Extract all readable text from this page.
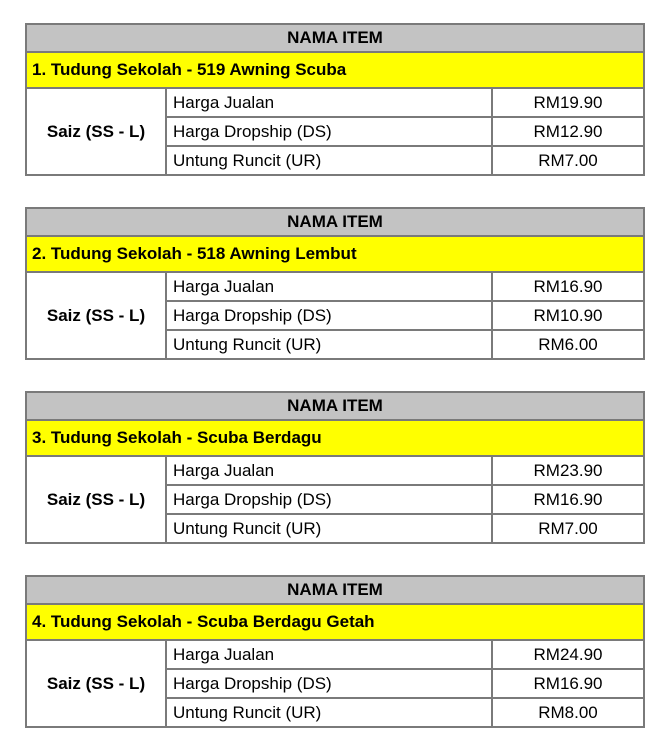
NAMA ITEM		
1. Tudung Sekolah - 519 Awning Scuba		
Saiz (SS - L)	Harga Jualan	RM19.90
	Harga Dropship (DS)	RM12.90
	Untung Runcit (UR)	RM7.00
NAMA ITEM		
2. Tudung Sekolah - 518 Awning Lembut		
Saiz (SS - L)	Harga Jualan	RM16.90
	Harga Dropship (DS)	RM10.90
	Untung Runcit (UR)	RM6.00
NAMA ITEM		
3. Tudung Sekolah - Scuba Berdagu		
Saiz (SS - L)	Harga Jualan	RM23.90
	Harga Dropship (DS)	RM16.90
	Untung Runcit (UR)	RM7.00
NAMA ITEM		
4. Tudung Sekolah - Scuba Berdagu Getah		
Saiz (SS - L)	Harga Jualan	RM24.90
	Harga Dropship (DS)	RM16.90
	Untung Runcit (UR)	RM8.00
